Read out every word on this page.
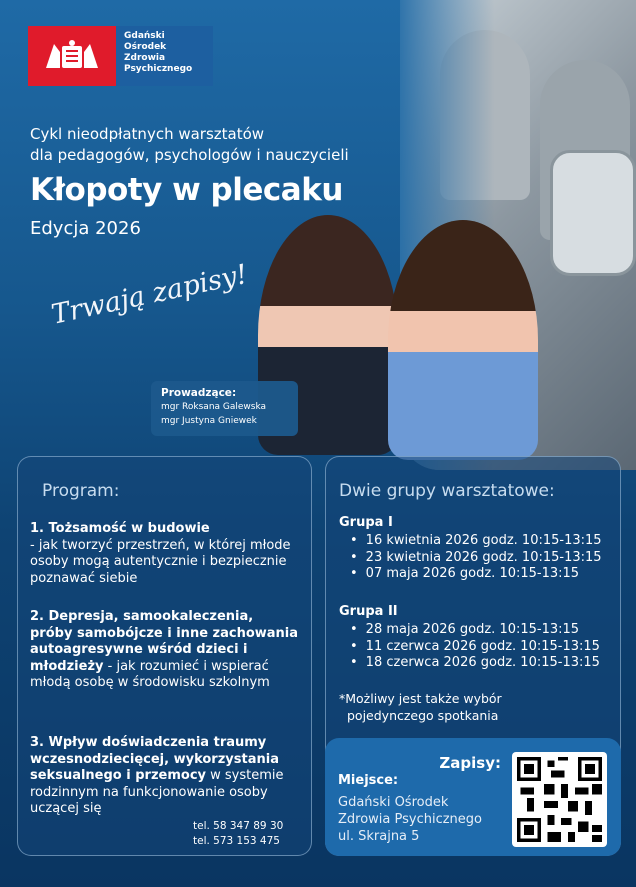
Gdański
Ośrodek
Zdrowia
Psychicznego
Cykl nieodpłatnych warsztatów
dla pedagogów, psychologów i nauczycieli
Kłopoty w plecaku
Edycja 2026
Trwają zapisy!
Prowadzące:
mgr Roksana Galewska
mgr Justyna Gniewek
Program:
1. Tożsamość w budowie
- jak tworzyć przestrzeń, w której młode osoby mogą autentycznie i bezpiecznie poznawać siebie
2. Depresja, samookaleczenia, próby samobójcze i inne zachowania autoagresywne wśród dzieci i młodzieży - jak rozumieć i wspierać młodą osobę w środowisku szkolnym
3. Wpływ doświadczenia traumy wczesnodziecięcej, wykorzystania seksualnego i przemocy w systemie rodzinnym na funkcjonowanie osoby uczącej się
tel. 58 347 89 30
tel. 573 153 475
Dwie grupy warsztatowe:
Grupa I
• 16 kwietnia 2026 godz. 10:15-13:15
• 23 kwietnia 2026 godz. 10:15-13:15
• 07 maja 2026 godz. 10:15-13:15
Grupa II
• 28 maja 2026 godz. 10:15-13:15
• 11 czerwca 2026 godz. 10:15-13:15
• 18 czerwca 2026 godz. 10:15-13:15
*Możliwy jest także wybór
pojedynczego spotkania
Zapisy:
Miejsce:
Gdański Ośrodek
Zdrowia Psychicznego
ul. Skrajna 5
